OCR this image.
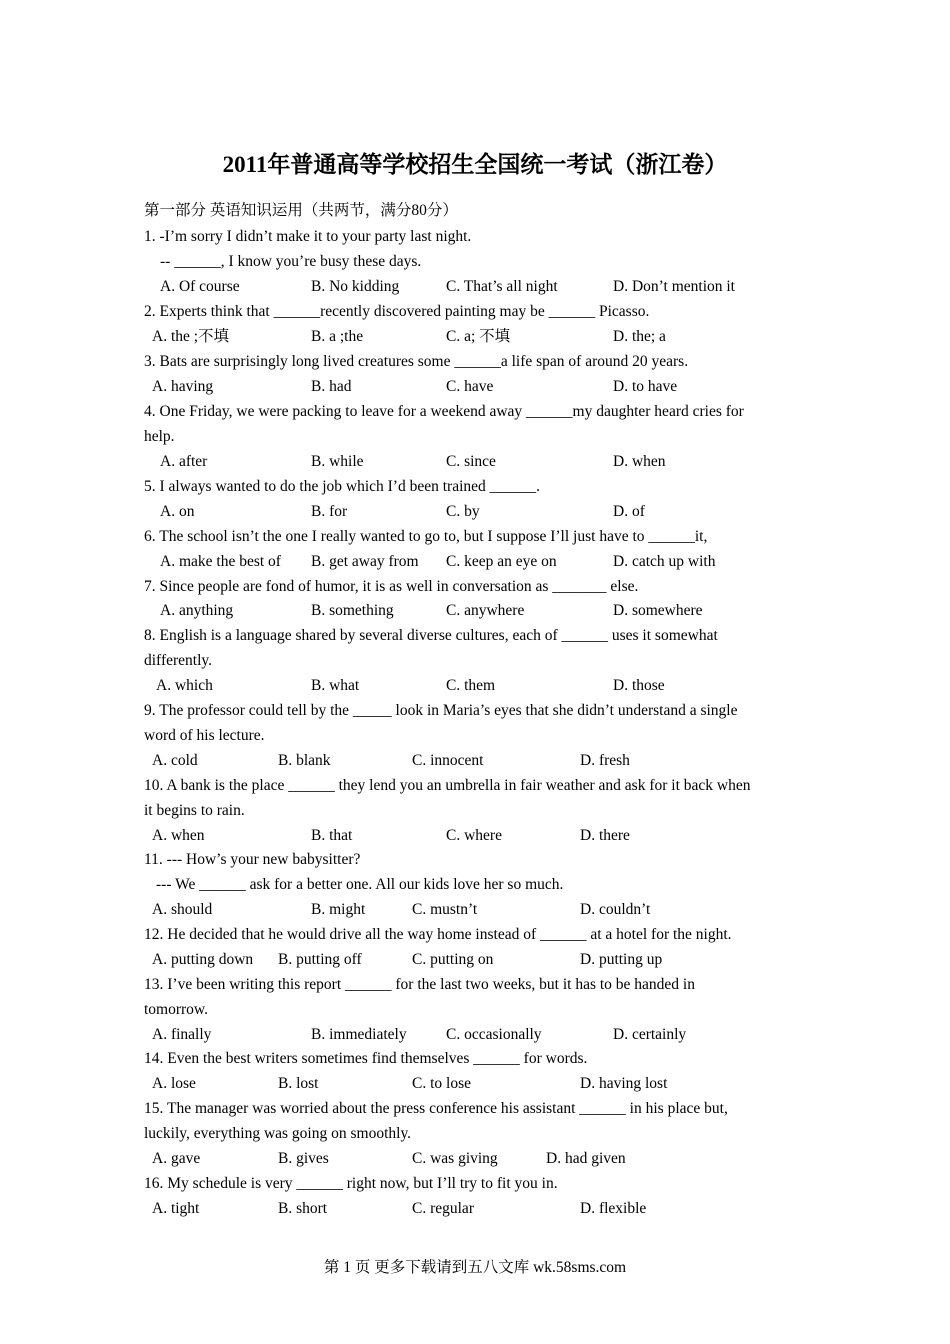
2011年普通高等学校招生全国统一考试（浙江卷）
第一部分 英语知识运用（共两节，满分80分）
1. -I’m sorry I didn’t make it to your party last night.
-- ______, I know you’re busy these days.
A. Of course	B. No kidding	C. That’s all night	D. Don’t mention it
2. Experts think that ______recently discovered painting may be ______ Picasso.
A. the ;不填	B. a ;the	C. a; 不填	D. the; a
3. Bats are surprisingly long lived creatures some ______a life span of around 20 years.
A. having	B. had	C. have	D. to have
4. One Friday, we were packing to leave for a weekend away ______my daughter heard cries for
help.
A. after	B. while	C. since	D. when
5. I always wanted to do the job which I’d been trained ______.
A. on	B. for	C. by	D. of
6. The school isn’t the one I really wanted to go to, but I suppose I’ll just have to ______it,
A. make the best of B. get away from C. keep an eye on	D. catch up with
7. Since people are fond of humor, it is as well in conversation as _______ else.
A. anything	B. something	C. anywhere	D. somewhere
8. English is a language shared by several diverse cultures, each of ______ uses it somewhat
differently.
A. which	B. what	C. them	D. those
9. The professor could tell by the _____ look in Maria’s eyes that she didn’t understand a single
word of his lecture.
A. cold	B. blank	C. innocent	D. fresh
10. A bank is the place ______ they lend you an umbrella in fair weather and ask for it back when
it begins to rain.
A. when	B. that	C. where	D. there
11. --- How’s your new babysitter?
--- We ______ ask for a better one. All our kids love her so much.
A. should	B. might	C. mustn’t	D. couldn’t
12. He decided that he would drive all the way home instead of ______ at a hotel for the night.
A. putting down B. putting off	C. putting on	D. putting up
13. I’ve been writing this report ______ for the last two weeks, but it has to be handed in
tomorrow.
A. finally	B. immediately	C. occasionally	D. certainly
14. Even the best writers sometimes find themselves ______ for words.
A. lose	B. lost	C. to lose	D. having lost
15. The manager was worried about the press conference his assistant ______ in his place but,
luckily, everything was going on smoothly.
A. gave	B. gives	C. was giving	D. had given
16. My schedule is very ______ right now, but I’ll try to fit you in.
A. tight	B. short	C. regular	D. flexible
第 1 页 更多下载请到五八文库 wk.58sms.com
